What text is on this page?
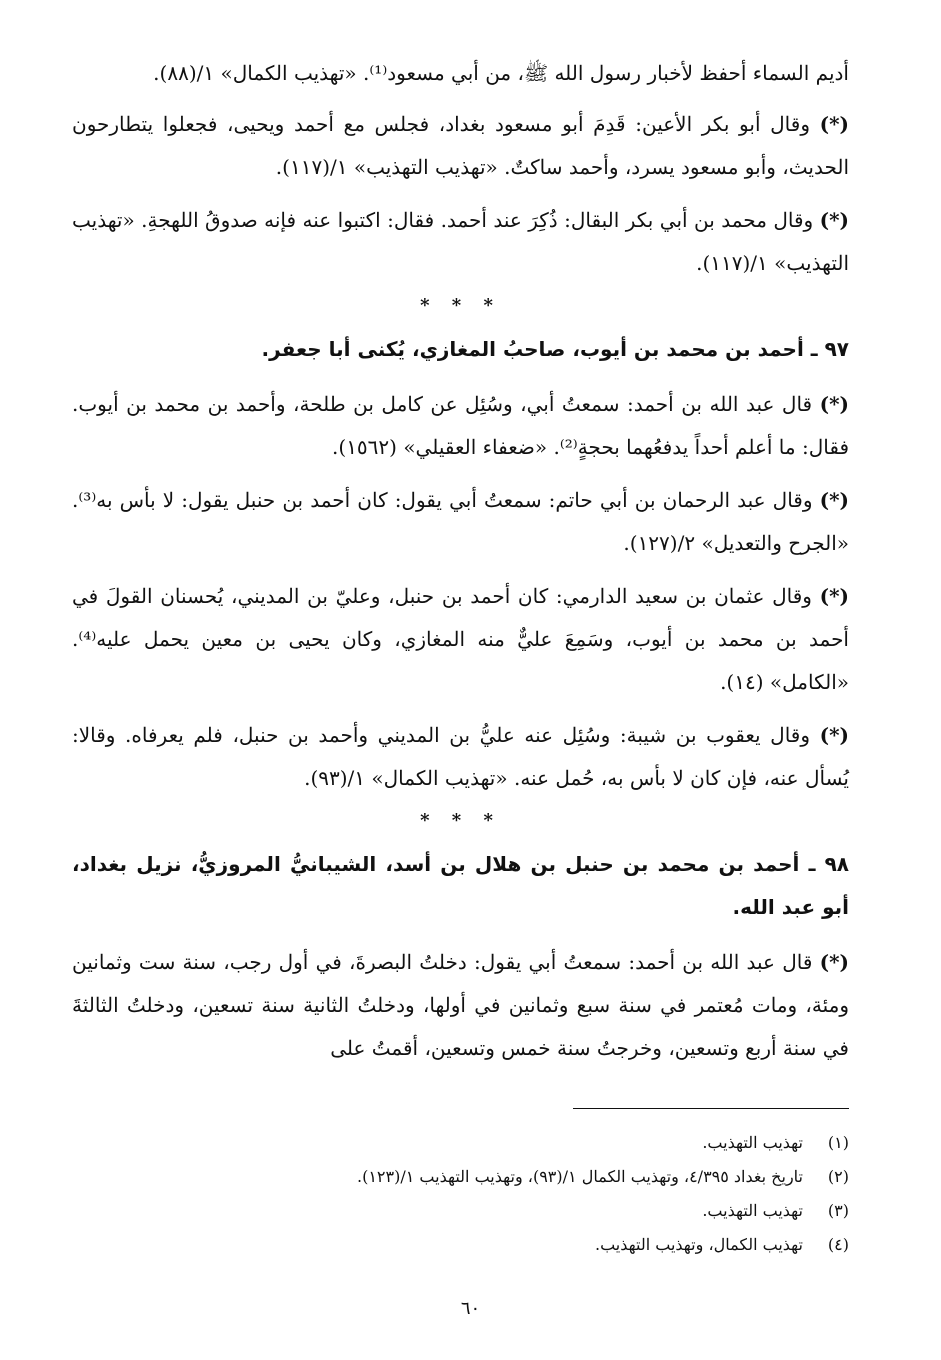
أديم السماء أحفظ لأخبار رسول الله ﷺ، من أبي مسعود⁽¹⁾. «تهذيب الكمال» ١/(٨٨).

(*) وقال أبو بكر الأعين: قَدِمَ أبو مسعود بغداد، فجلس مع أحمد ويحيى، فجعلوا يتطارحون الحديث، وأبو مسعود يسرد، وأحمد ساكتٌ. «تهذيب التهذيب» ١/(١١٧).

(*) وقال محمد بن أبي بكر البقال: ذُكِرَ عند أحمد. فقال: اكتبوا عنه فإنه صدوقُ اللهجةِ. «تهذيب التهذيب» ١/(١١٧).

* * *
٩٧ ـ أحمد بن محمد بن أيوب، صاحبُ المغازي، يُكنى أبا جعفر.

(*) قال عبد الله بن أحمد: سمعتُ أبي، وسُئِل عن كامل بن طلحة، وأحمد بن محمد بن أيوب. فقال: ما أعلم أحداً يدفعُهما بحجةٍ⁽²⁾. «ضعفاء العقيلي» (١٥٦٢).

(*) وقال عبد الرحمان بن أبي حاتم: سمعتُ أبي يقول: كان أحمد بن حنبل يقول: لا بأس به⁽³⁾. «الجرح والتعديل» ٢/(١٢٧).

(*) وقال عثمان بن سعيد الدارمي: كان أحمد بن حنبل، وعليّ بن المديني، يُحسنان القولَ في أحمد بن محمد بن أيوب، وسَمِعَ عليٌّ منه المغازي، وكان يحيى بن معين يحمل عليه⁽⁴⁾. «الكامل» (١٤).

(*) وقال يعقوب بن شيبة: وسُئِل عنه عليُّ بن المديني وأحمد بن حنبل، فلم يعرفاه. وقالا: يُسأل عنه، فإن كان لا بأس به، حُمل عنه. «تهذيب الكمال» ١/(٩٣).

* * *
٩٨ ـ أحمد بن محمد بن حنبل بن هلال بن أسد، الشيبانيُّ المروزيُّ، نزيل بغداد، أبو عبد الله.

(*) قال عبد الله بن أحمد: سمعتُ أبي يقول: دخلتُ البصرةَ، في أول رجب، سنة ست وثمانين ومئة، ومات مُعتمر في سنة سبع وثمانين في أولها، ودخلتُ الثانية سنة تسعين، ودخلتُ الثالثةَ في سنة أربع وتسعين، وخرجتُ سنة خمس وتسعين، أقمتُ على

(١)تهذيب التهذيب.
(٢)تاريخ بغداد ٤/٣٩٥، وتهذيب الكمال ١/(٩٣)، وتهذيب التهذيب ١/(١٢٣).
(٣)تهذيب التهذيب.
(٤)تهذيب الكمال، وتهذيب التهذيب.
٦٠
